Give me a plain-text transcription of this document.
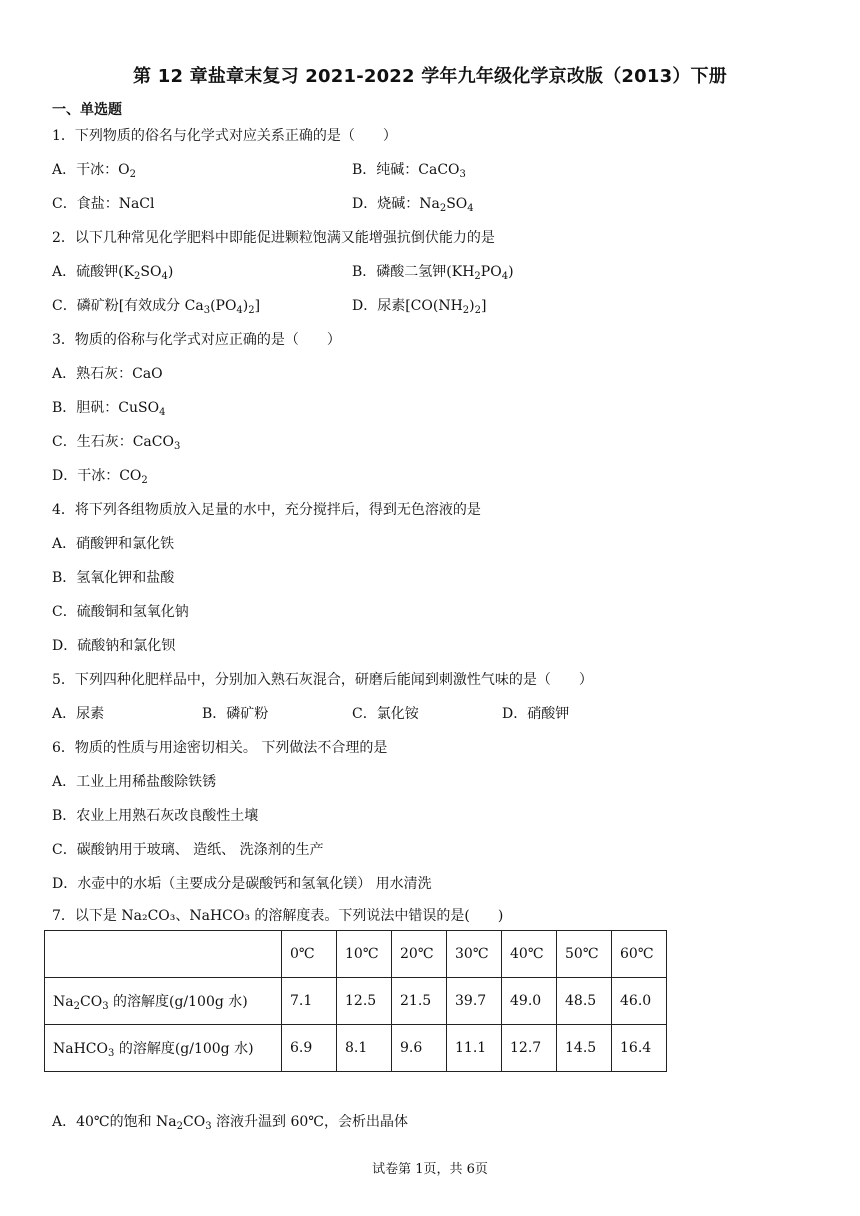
第 12 章盐章末复习 2021-2022 学年九年级化学京改版（2013）下册
一、单选题
1．下列物质的俗名与化学式对应关系正确的是（　　）
A．干冰：$O_2$	B．纯碱：CaCO$_3$
C．食盐：NaCl	D．烧碱：$Na_2SO_4$
2．以下几种常见化学肥料中即能促进颗粒饱满又能增强抗倒伏能力的是
A．硫酸钾$(K_2SO_4)$	B．磷酸二氢钾$(KH_2PO_4)$
C．磷矿粉[有效成分 $Ca_3(PO_4)_2$]	D．尿素$[CO(NH_2)_2]$
3．物质的俗称与化学式对应正确的是（　　）
A．熟石灰：CaO
B．胆矾：CuSO$_4$
C．生石灰：CaCO$_3$
D．干冰：$CO_2$
4．将下列各组物质放入足量的水中，充分搅拌后，得到无色溶液的是
A．硝酸钾和氯化铁
B．氢氧化钾和盐酸
C．硫酸铜和氢氧化钠
D．硫酸钠和氯化钡
5．下列四种化肥样品中，分别加入熟石灰混合，研磨后能闻到刺激性气味的是（　　）
A．尿素	B．磷矿粉	C．氯化铵	D．硝酸钾
6．物质的性质与用途密切相关。 下列做法不合理的是
A．工业上用稀盐酸除铁锈
B．农业上用熟石灰改良酸性土壤
C．碳酸钠用于玻璃、 造纸、 洗涤剂的生产
D．水壶中的水垢（主要成分是碳酸钙和氢氧化镁） 用水清洗
7．以下是 Na₂CO₃、NaHCO₃ 的溶解度表。下列说法中错误的是(　　)
	0℃	10℃	20℃	30℃	40℃	50℃	60℃
$Na_2CO_3$ 的溶解度(g/100g 水)	7.1	12.5	21.5	39.7	49.0	48.5	46.0
NaHCO$_3$ 的溶解度(g/100g 水)	6.9	8.1	9.6	11.1	12.7	14.5	16.4
A．40℃的饱和 $Na_2CO_3$ 溶液升温到 60℃，会析出晶体
试卷第 1页，共 6页
